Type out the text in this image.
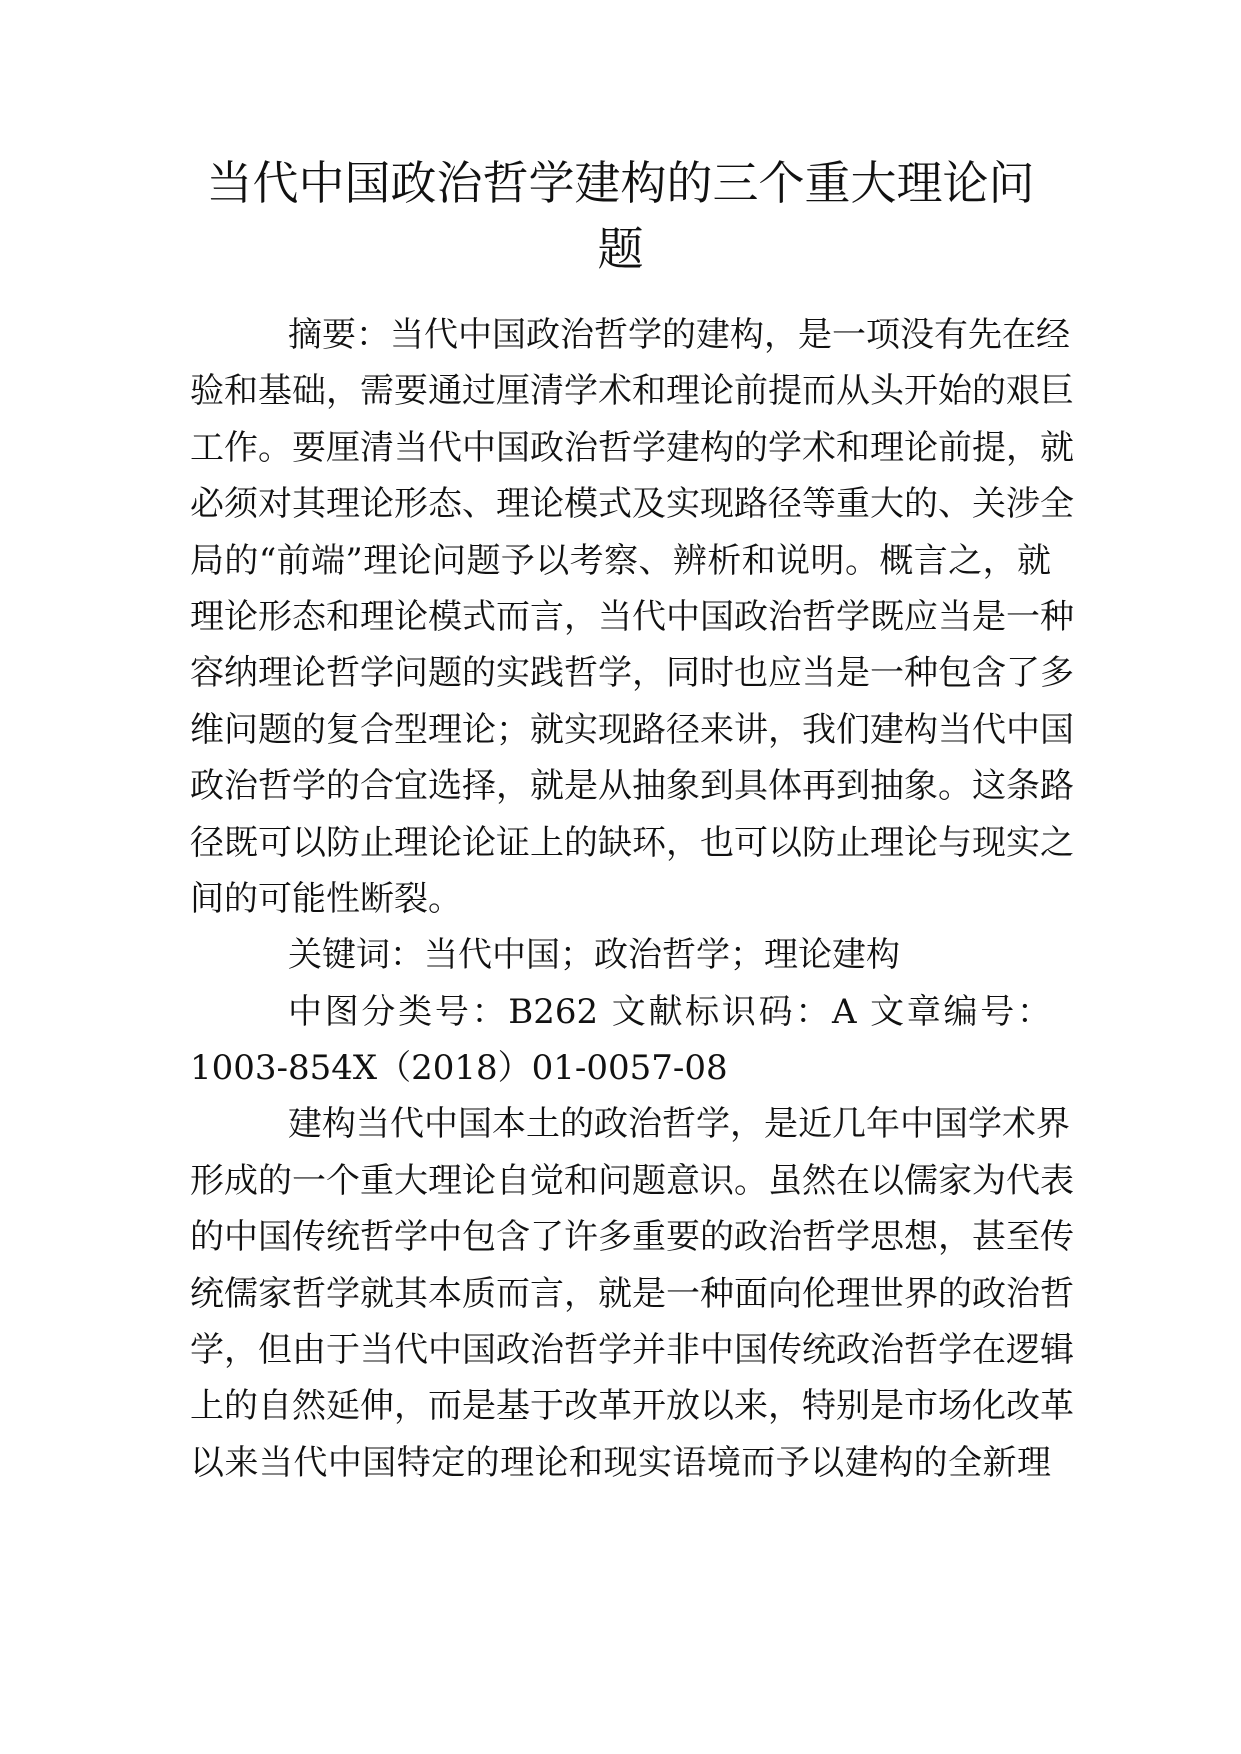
当代中国政治哲学建构的三个重大理论问
题
摘要：当代中国政治哲学的建构，是一项没有先在经
验和基础，需要通过厘清学术和理论前提而从头开始的艰巨
工作。要厘清当代中国政治哲学建构的学术和理论前提，就
必须对其理论形态、理论模式及实现路径等重大的、关涉全
局的“前端”理论问题予以考察、辨析和说明。概言之，就
理论形态和理论模式而言，当代中国政治哲学既应当是一种
容纳理论哲学问题的实践哲学，同时也应当是一种包含了多
维问题的复合型理论；就实现路径来讲，我们建构当代中国
政治哲学的合宜选择，就是从抽象到具体再到抽象。这条路
径既可以防止理论论证上的缺环，也可以防止理论与现实之
间的可能性断裂。
关键词：当代中国；政治哲学；理论建构
中图分类号：B262 文献标识码：A 文章编号：
1003-854X（2018）01-0057-08
建构当代中国本土的政治哲学，是近几年中国学术界
形成的一个重大理论自觉和问题意识。虽然在以儒家为代表
的中国传统哲学中包含了许多重要的政治哲学思想，甚至传
统儒家哲学就其本质而言，就是一种面向伦理世界的政治哲
学，但由于当代中国政治哲学并非中国传统政治哲学在逻辑
上的自然延伸，而是基于改革开放以来，特别是市场化改革
以来当代中国特定的理论和现实语境而予以建构的全新理
